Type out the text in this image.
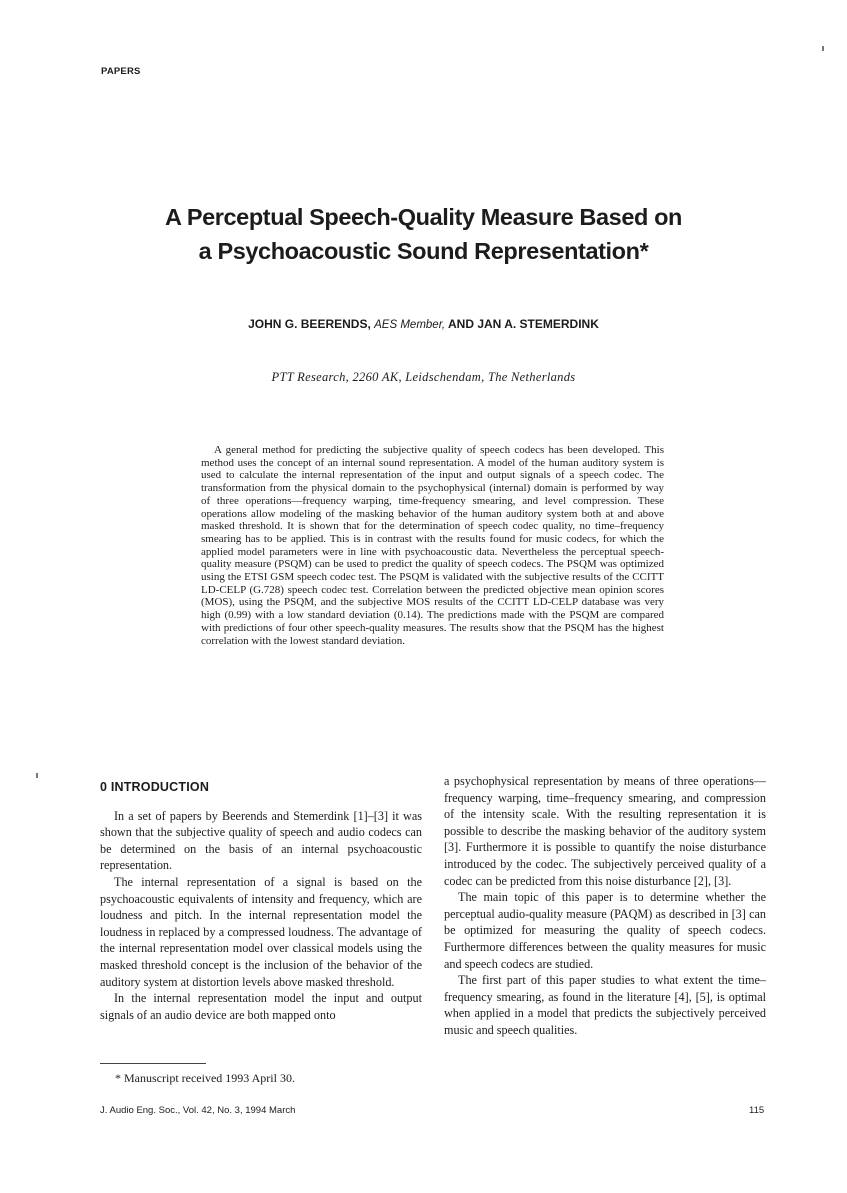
PAPERS
A Perceptual Speech-Quality Measure Based on
a Psychoacoustic Sound Representation*
JOHN G. BEERENDS, AES Member, AND JAN A. STEMERDINK
PTT Research, 2260 AK, Leidschendam, The Netherlands

A general method for predicting the subjective quality of speech codecs has been developed. This method uses the concept of an internal sound representation. A model of the human auditory system is used to calculate the internal representation of the input and output signals of a speech codec. The transformation from the physical domain to the psychophysical (internal) domain is performed by way of three operations—frequency warping, time-frequency smearing, and level compression. These operations allow modeling of the masking behavior of the human auditory system both at and above masked threshold. It is shown that for the determination of speech codec quality, no time–frequency smearing has to be applied. This is in contrast with the results found for music codecs, for which the applied model parameters were in line with psychoacoustic data. Nevertheless the perceptual speech-quality measure (PSQM) can be used to predict the quality of speech codecs. The PSQM was optimized using the ETSI GSM speech codec test. The PSQM is validated with the subjective results of the CCITT LD-CELP (G.728) speech codec test. Correlation between the predicted objective mean opinion scores (MOS), using the PSQM, and the subjective MOS results of the CCITT LD-CELP database was very high (0.99) with a low standard deviation (0.14). The predictions made with the PSQM are compared with predictions of four other speech-quality measures. The results show that the PSQM has the highest correlation with the lowest standard deviation.

0 INTRODUCTION

In a set of papers by Beerends and Stemerdink [1]–[3] it was shown that the subjective quality of speech and audio codecs can be determined on the basis of an internal psychoacoustic representation.

The internal representation of a signal is based on the psychoacoustic equivalents of intensity and frequency, which are loudness and pitch. In the internal representation model the loudness in replaced by a compressed loudness. The advantage of the internal representation model over classical models using the masked threshold concept is the inclusion of the behavior of the auditory system at distortion levels above masked threshold.

In the internal representation model the input and output signals of an audio device are both mapped onto

a psychophysical representation by means of three operations—frequency warping, time–frequency smearing, and compression of the intensity scale. With the resulting representation it is possible to describe the masking behavior of the auditory system [3]. Furthermore it is possible to quantify the noise disturbance introduced by the codec. The subjectively perceived quality of a codec can be predicted from this noise disturbance [2], [3].

The main topic of this paper is to determine whether the perceptual audio-quality measure (PAQM) as described in [3] can be optimized for measuring the quality of speech codecs. Furthermore differences between the quality measures for music and speech codecs are studied.

The first part of this paper studies to what extent the time–frequency smearing, as found in the literature [4], [5], is optimal when applied in a model that predicts the subjectively perceived music and speech qualities.

* Manuscript received 1993 April 30.
J. Audio Eng. Soc., Vol. 42, No. 3, 1994 March	115
